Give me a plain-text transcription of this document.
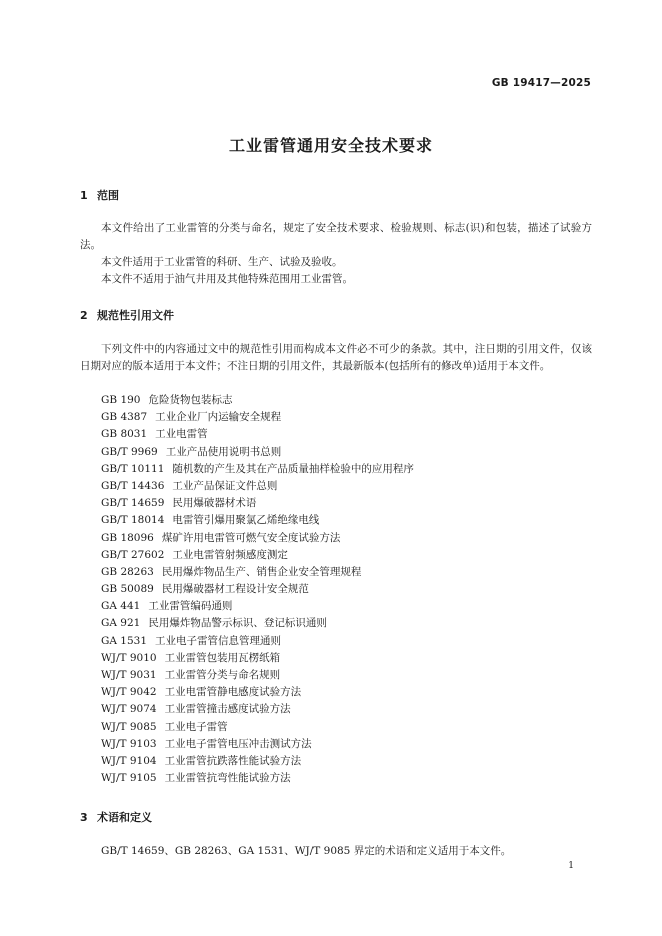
GB 19417—2025
工业雷管通用安全技术要求
1 范围

本文件给出了工业雷管的分类与命名，规定了安全技术要求、检验规则、标志(识)和包装，描述了试验方法。

本文件适用于工业雷管的科研、生产、试验及验收。

本文件不适用于油气井用及其他特殊范围用工业雷管。

2 规范性引用文件

下列文件中的内容通过文中的规范性引用而构成本文件必不可少的条款。其中，注日期的引用文件，仅该日期对应的版本适用于本文件；不注日期的引用文件，其最新版本(包括所有的修改单)适用于本文件。

GB 190 危险货物包装标志
GB 4387 工业企业厂内运输安全规程
GB 8031 工业电雷管
GB/T 9969 工业产品使用说明书总则
GB/T 10111 随机数的产生及其在产品质量抽样检验中的应用程序
GB/T 14436 工业产品保证文件总则
GB/T 14659 民用爆破器材术语
GB/T 18014 电雷管引爆用聚氯乙烯绝缘电线
GB 18096 煤矿许用电雷管可燃气安全度试验方法
GB/T 27602 工业电雷管射频感度测定
GB 28263 民用爆炸物品生产、销售企业安全管理规程
GB 50089 民用爆破器材工程设计安全规范
GA 441 工业雷管编码通则
GA 921 民用爆炸物品警示标识、登记标识通则
GA 1531 工业电子雷管信息管理通则
WJ/T 9010 工业雷管包装用瓦楞纸箱
WJ/T 9031 工业雷管分类与命名规则
WJ/T 9042 工业电雷管静电感度试验方法
WJ/T 9074 工业雷管撞击感度试验方法
WJ/T 9085 工业电子雷管
WJ/T 9103 工业电子雷管电压冲击测试方法
WJ/T 9104 工业雷管抗跌落性能试验方法
WJ/T 9105 工业雷管抗弯性能试验方法
3 术语和定义

GB/T 14659、GB 28263、GA 1531、WJ/T 9085 界定的术语和定义适用于本文件。

1
